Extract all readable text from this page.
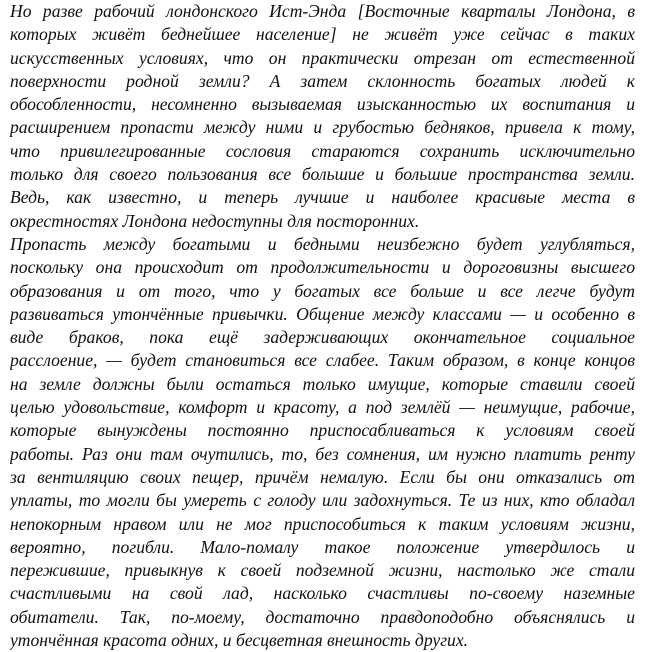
Но разве рабочий лондонского Ист-Энда [Восточные кварталы Лондона, в
которых живёт беднейшее население] не живёт уже сейчас в таких
искусственных условиях, что он практически отрезан от естественной
поверхности родной земли? А затем склонность богатых людей к
обособленности, несомненно вызываемая изысканностью их воспитания и
расширением пропасти между ними и грубостью бедняков, привела к тому,
что привилегированные сословия стараются сохранить исключительно
только для своего пользования все большие и большие пространства земли.
Ведь, как известно, и теперь лучшие и наиболее красивые места в
окрестностях Лондона недоступны для посторонних.
Пропасть между богатыми и бедными неизбежно будет углубляться,
поскольку она происходит от продолжительности и дороговизны высшего
образования и от того, что у богатых все больше и все легче будут
развиваться утончённые привычки. Общение между классами — и особенно в
виде браков, пока ещё задерживающих окончательное социальное
расслоение, — будет становиться все слабее. Таким образом, в конце концов
на земле должны были остаться только имущие, которые ставили своей
целью удовольствие, комфорт и красоту, а под землёй — неимущие, рабочие,
которые вынуждены постоянно приспосабливаться к условиям своей
работы. Раз они там очутились, то, без сомнения, им нужно платить ренту
за вентиляцию своих пещер, причём немалую. Если бы они отказались от
уплаты, то могли бы умереть с голоду или задохнуться. Те из них, кто обладал
непокорным нравом или не мог приспособиться к таким условиям жизни,
вероятно, погибли. Мало-помалу такое положение утвердилось и
пережившие, привыкнув к своей подземной жизни, настолько же стали
счастливыми на свой лад, насколько счастливы по-своему наземные
обитатели. Так, по-моему, достаточно правдоподобно объяснялись и
утончённая красота одних, и бесцветная внешность других.
